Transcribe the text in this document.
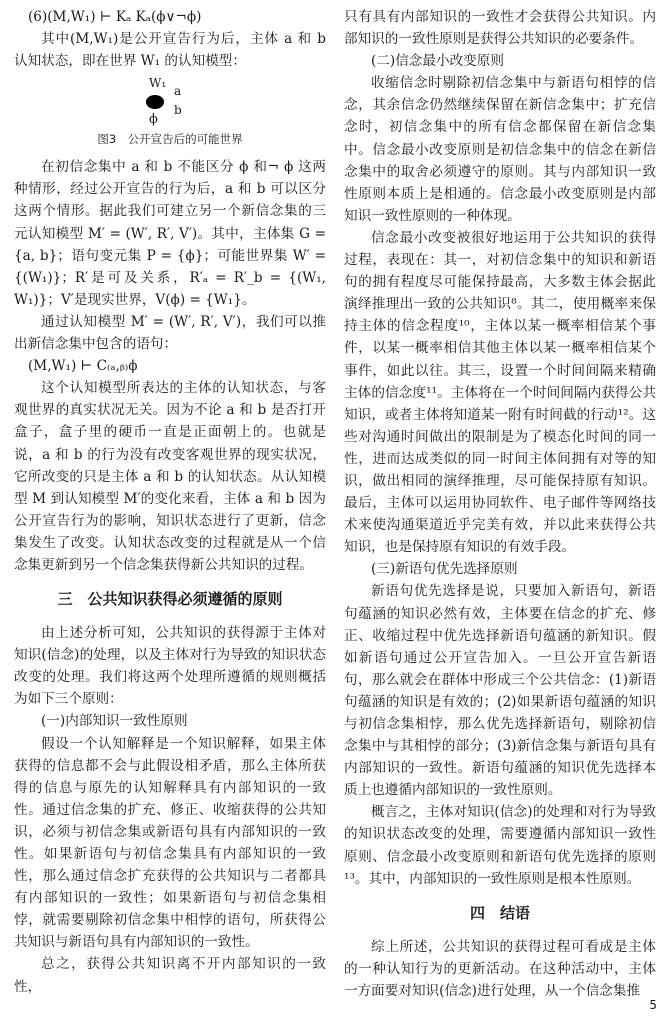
(6)(M,W₁) ⊢ Kₐ Kₐ(ϕ∨¬ϕ)

其中(M,W₁)是公开宣告行为后，主体 a 和 b 认知状态，即在世界 W₁ 的认知模型：

W₁
a
b
ϕ

图3　公开宣告后的可能世界

在初信念集中 a 和 b 不能区分 ϕ 和¬ ϕ 这两种情形，经过公开宣告的行为后，a 和 b 可以区分这两个情形。据此我们可建立另一个新信念集的三元认知模型 M′ = (W′, R′, V′)。其中，主体集 G = {a, b}；语句变元集 P = {ϕ}；可能世界集 W′ = {(W₁)}；R′是可及关系，R′ₐ = R′_b = {(W₁, W₁)}；V′是现实世界，V(ϕ) = {W₁}。

通过认知模型 M′ = (W′, R′, V′)，我们可以推出新信念集中包含的语句：

(M,W₁) ⊢ C₍ₐ,ᵦ₎ϕ

这个认知模型所表达的主体的认知状态，与客观世界的真实状况无关。因为不论 a 和 b 是否打开盒子，盒子里的硬币一直是正面朝上的。也就是说，a 和 b 的行为没有改变客观世界的现实状况，它所改变的只是主体 a 和 b 的认知状态。从认知模型 M 到认知模型 M′的变化来看，主体 a 和 b 因为公开宣告行为的影响，知识状态进行了更新，信念集发生了改变。认知状态改变的过程就是从一个信念集更新到另一个信念集获得新公共知识的过程。

三　公共知识获得必须遵循的原则

由上述分析可知，公共知识的获得源于主体对知识(信念)的处理，以及主体对行为导致的知识状态改变的处理。我们将这两个处理所遵循的规则概括为如下三个原则：

(一)内部知识一致性原则

假设一个认知解释是一个知识解释，如果主体获得的信息都不会与此假设相矛盾，那么主体所获得的信息与原先的认知解释具有内部知识的一致性。通过信念集的扩充、修正、收缩获得的公共知识，必须与初信念集或新语句具有内部知识的一致性。如果新语句与初信念集具有内部知识的一致性，那么通过信念扩充获得的公共知识与二者都具有内部知识的一致性；如果新语句与初信念集相悖，就需要剔除初信念集中相悖的语句，所获得公共知识与新语句具有内部知识的一致性。

总之，获得公共知识离不开内部知识的一致性，

只有具有内部知识的一致性才会获得公共知识。内部知识的一致性原则是获得公共知识的必要条件。

(二)信念最小改变原则

收缩信念时剔除初信念集中与新语句相悖的信念，其余信念仍然继续保留在新信念集中；扩充信念时，初信念集中的所有信念都保留在新信念集中。信念最小改变原则是初信念集中的信念在新信念集中的取舍必须遵守的原则。其与内部知识一致性原则本质上是相通的。信念最小改变原则是内部知识一致性原则的一种体现。

信念最小改变被很好地运用于公共知识的获得过程，表现在：其一，对初信念集中的知识和新语句的拥有程度尽可能保持最高，大多数主体会据此演绎推理出一致的公共知识⁸。其二，使用概率来保持主体的信念程度¹⁰，主体以某一概率相信某个事件，以某一概率相信其他主体以某一概率相信某个事件，如此以往。其三，设置一个时间间隔来精确主体的信念度¹¹。主体将在一个时间间隔内获得公共知识，或者主体将知道某一附有时间截的行动¹²。这些对沟通时间做出的限制是为了模态化时间的同一性，进而达成类似的同一时间主体间拥有对等的知识，做出相同的演绎推理，尽可能保持原有知识。最后，主体可以运用协同软件、电子邮件等网络技术来使沟通渠道近乎完美有效，并以此来获得公共知识，也是保持原有知识的有效手段。

(三)新语句优先选择原则

新语句优先选择是说，只要加入新语句，新语句蕴涵的知识必然有效，主体要在信念的扩充、修正、收缩过程中优先选择新语句蕴涵的新知识。假如新语句通过公开宣告加入。一旦公开宣告新语句，那么就会在群体中形成三个公共信念：(1)新语句蕴涵的知识是有效的；(2)如果新语句蕴涵的知识与初信念集相悖，那么优先选择新语句，剔除初信念集中与其相悖的部分；(3)新信念集与新语句具有内部知识的一致性。新语句蕴涵的知识优先选择本质上也遵循内部知识的一致性原则。

概言之，主体对知识(信念)的处理和对行为导致的知识状态改变的处理，需要遵循内部知识一致性原则、信念最小改变原则和新语句优先选择的原则¹³。其中，内部知识的一致性原则是根本性原则。

四　结语

综上所述，公共知识的获得过程可看成是主体的一种认知行为的更新活动。在这种活动中，主体一方面要对知识(信念)进行处理，从一个信念集推

5
